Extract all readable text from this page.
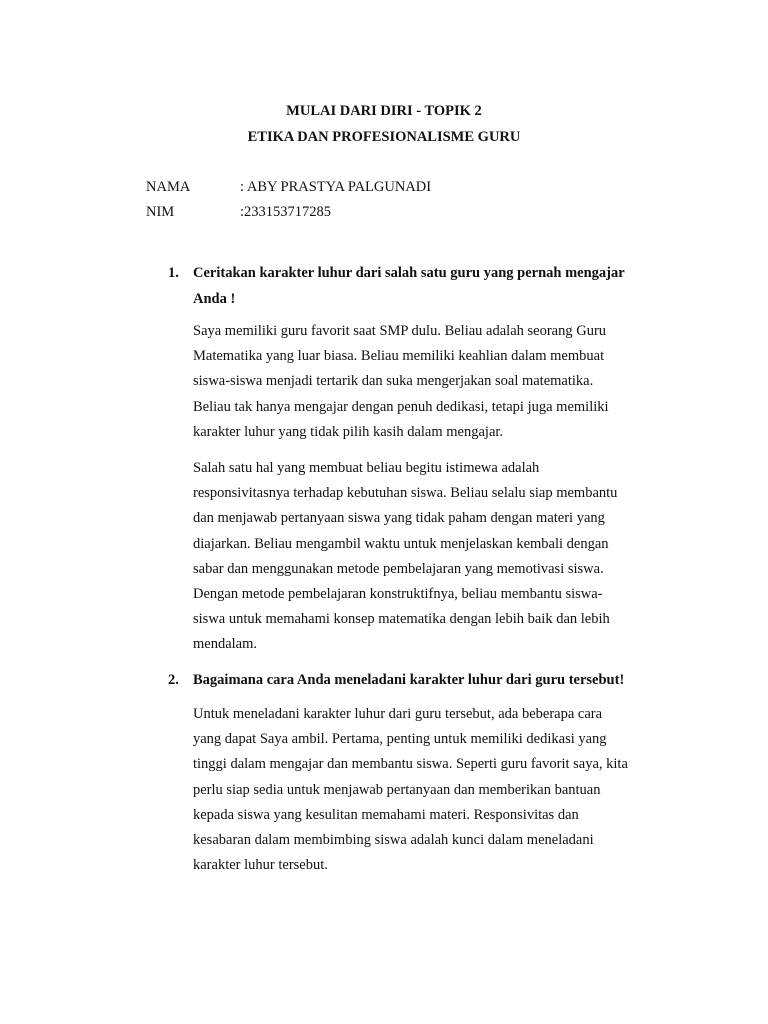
MULAI DARI DIRI - TOPIK 2
ETIKA DAN PROFESIONALISME GURU
NAMA	: ABY PRASTYA PALGUNADI
NIM	:233153717285
1. Ceritakan karakter luhur dari salah satu guru yang pernah mengajar
Anda !
Saya memiliki guru favorit saat SMP dulu. Beliau adalah seorang Guru
Matematika yang luar biasa. Beliau memiliki keahlian dalam membuat
siswa-siswa menjadi tertarik dan suka mengerjakan soal matematika.
Beliau tak hanya mengajar dengan penuh dedikasi, tetapi juga memiliki
karakter luhur yang tidak pilih kasih dalam mengajar.
Salah satu hal yang membuat beliau begitu istimewa adalah
responsivitasnya terhadap kebutuhan siswa. Beliau selalu siap membantu
dan menjawab pertanyaan siswa yang tidak paham dengan materi yang
diajarkan. Beliau mengambil waktu untuk menjelaskan kembali dengan
sabar dan menggunakan metode pembelajaran yang memotivasi siswa.
Dengan metode pembelajaran konstruktifnya, beliau membantu siswa-
siswa untuk memahami konsep matematika dengan lebih baik dan lebih
mendalam.
2. Bagaimana cara Anda meneladani karakter luhur dari guru tersebut!
Untuk meneladani karakter luhur dari guru tersebut, ada beberapa cara
yang dapat Saya ambil. Pertama, penting untuk memiliki dedikasi yang
tinggi dalam mengajar dan membantu siswa. Seperti guru favorit saya, kita
perlu siap sedia untuk menjawab pertanyaan dan memberikan bantuan
kepada siswa yang kesulitan memahami materi. Responsivitas dan
kesabaran dalam membimbing siswa adalah kunci dalam meneladani
karakter luhur tersebut.
